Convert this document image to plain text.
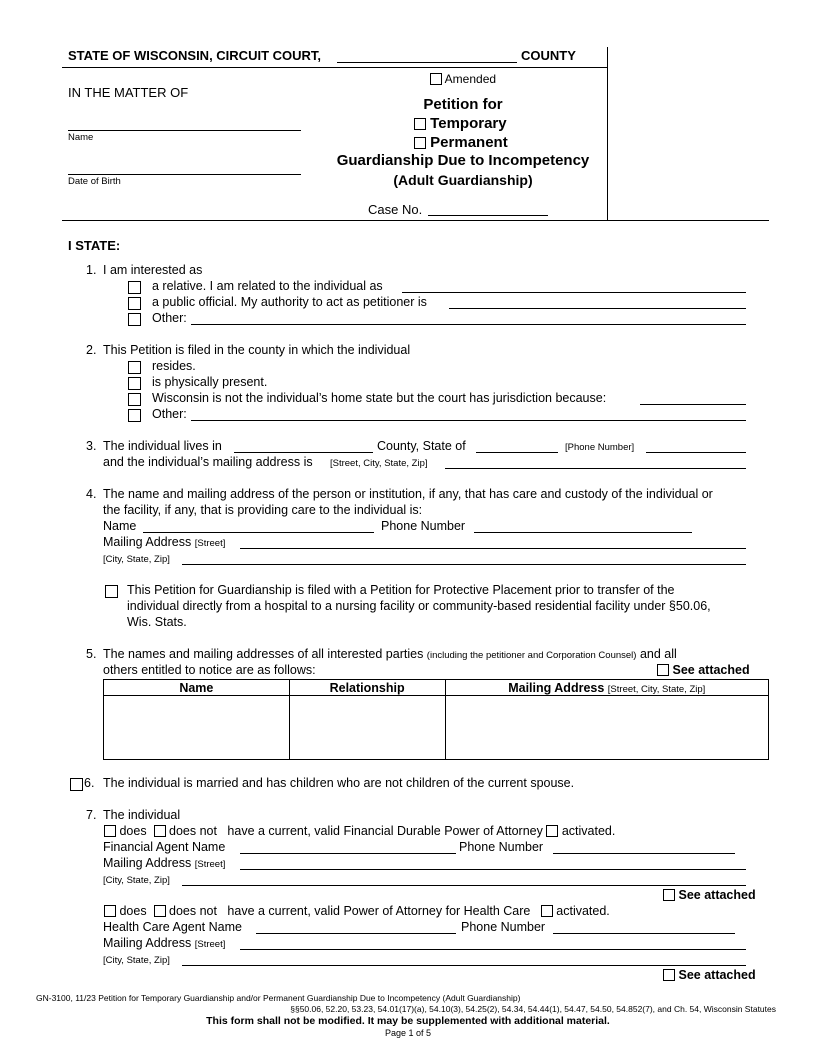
STATE OF WISCONSIN, CIRCUIT COURT,	COUNTY
IN THE MATTER OF
Name
Date of Birth
Amended
Petition for
Temporary
Permanent
Guardianship Due to Incompetency
(Adult Guardianship)
Case No.
I STATE:
1. I am interested as
a relative. I am related to the individual as
a public official. My authority to act as petitioner is
Other:
2. This Petition is filed in the county in which the individual
resides.
is physically present.
Wisconsin is not the individual’s home state but the court has jurisdiction because:
Other:
3. The individual lives in	County, State of	[Phone Number]
and the individual’s mailing address is [Street, City, State, Zip]
4. The name and mailing address of the person or institution, if any, that has care and custody of the individual or
the facility, if any, that is providing care to the individual is:
Name	Phone Number
Mailing Address [Street]
[City, State, Zip]
This Petition for Guardianship is filed with a Petition for Protective Placement prior to transfer of the
individual directly from a hospital to a nursing facility or community-based residential facility under §50.06,
Wis. Stats.
5. The names and mailing addresses of all interested parties (including the petitioner and Corporation Counsel) and all
others entitled to notice are as follows:	See attached
Name	Relationship	Mailing Address [Street, City, State, Zip]

6. The individual is married and has children who are not children of the current spouse.
7. The individual
does does not have a current, valid Financial Durable Power of Attorney activated.
Financial Agent Name	Phone Number
Mailing Address [Street]
[City, State, Zip]
See attached
does does not have a current, valid Power of Attorney for Health Care activated.
Health Care Agent Name	Phone Number
Mailing Address [Street]
[City, State, Zip]
See attached
GN-3100, 11/23 Petition for Temporary Guardianship and/or Permanent Guardianship Due to Incompetency (Adult Guardianship)
§§50.06, 52.20, 53.23, 54.01(17)(a), 54.10(3), 54.25(2), 54.34, 54.44(1), 54.47, 54.50, 54.852(7), and Ch. 54, Wisconsin Statutes
This form shall not be modified. It may be supplemented with additional material.
Page 1 of 5
